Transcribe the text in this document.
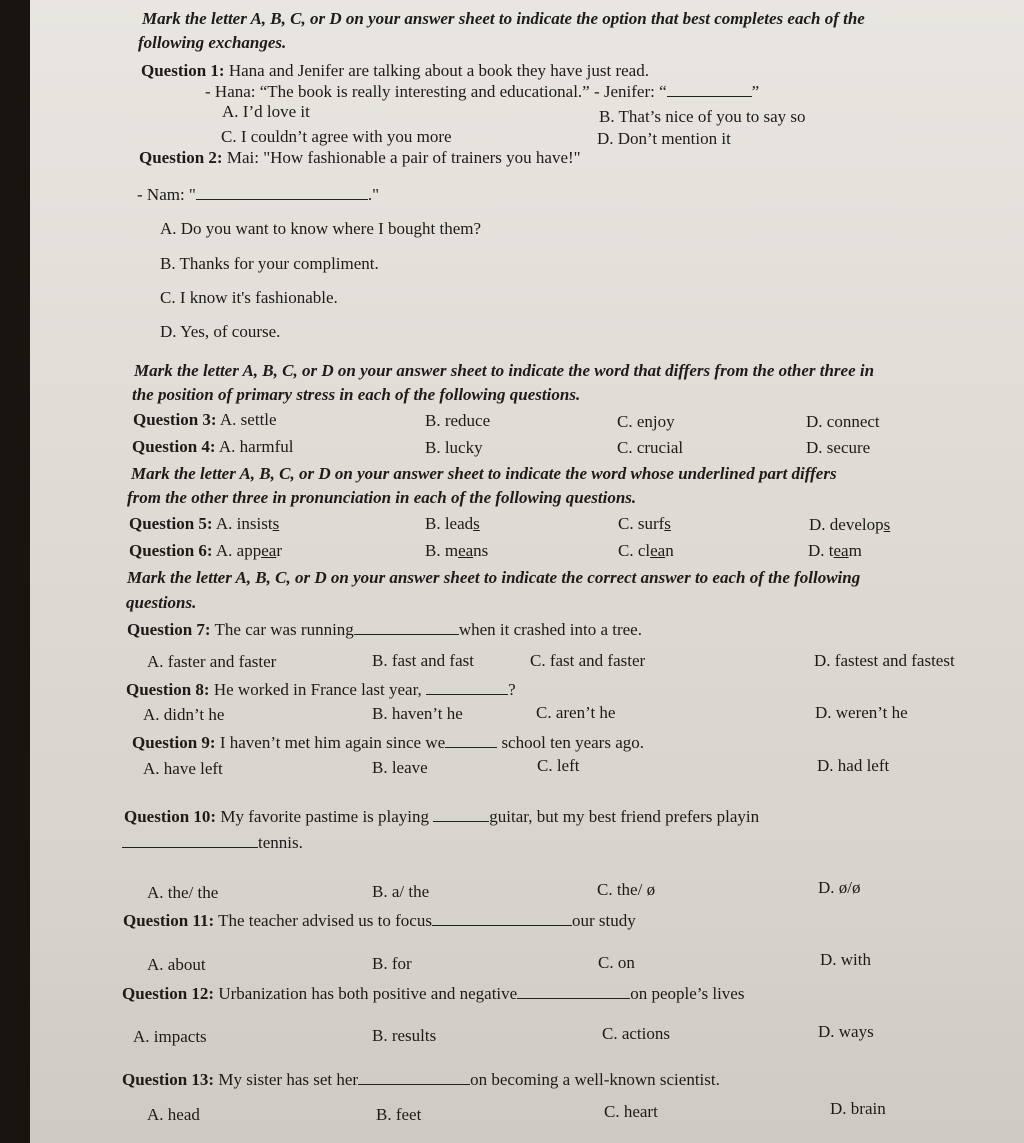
Mark the letter A, B, C, or D on your answer sheet to indicate the option that best completes each of the
following exchanges.
Question 1: Hana and Jenifer are talking about a book they have just read.
- Hana: “The book is really interesting and educational.” - Jenifer: “	”
A. I’d love it	B. That’s nice of you to say so
C. I couldn’t agree with you more	D. Don’t mention it
Question 2: Mai: "How fashionable a pair of trainers you have!"
- Nam: "	."
A. Do you want to know where I bought them?
B. Thanks for your compliment.
C. I know it's fashionable.
D. Yes, of course.
Mark the letter A, B, C, or D on your answer sheet to indicate the word that differs from the other three in
the position of primary stress in each of the following questions.
Question 3: A. settle	B. reduce	C. enjoy	D. connect
Question 4: A. harmful	B. lucky	C. crucial	D. secure
Mark the letter A, B, C, or D on your answer sheet to indicate the word whose underlined part differs
from the other three in pronunciation in each of the following questions.
Question 5: A. insists	B. leads	C. surfs	D. develops
Question 6: A. appear	B. means	C. clean	D. team
Mark the letter A, B, C, or D on your answer sheet to indicate the correct answer to each of the following
questions.
Question 7: The car was running	when it crashed into a tree.
A. faster and faster	B. fast and fast	C. fast and faster	D. fastest and fastest
Question 8: He worked in France last year,	?
A. didn’t he	B. haven’t he	C. aren’t he	D. weren’t he
Question 9: I haven’t met him again since we	school ten years ago.
A. have left	B. leave	C. left	D. had left
Question 10: My favorite pastime is playing	guitar, but my best friend prefers playin
tennis.
A. the/ the	B. a/ the	C. the/ ø	D. ø/ø
Question 11: The teacher advised us to focus	our study
A. about	B. for	C. on	D. with
Question 12: Urbanization has both positive and negative	on people’s lives
A. impacts	B. results	C. actions	D. ways
Question 13: My sister has set her	on becoming a well-known scientist.
A. head	B. feet	C. heart	D. brain
